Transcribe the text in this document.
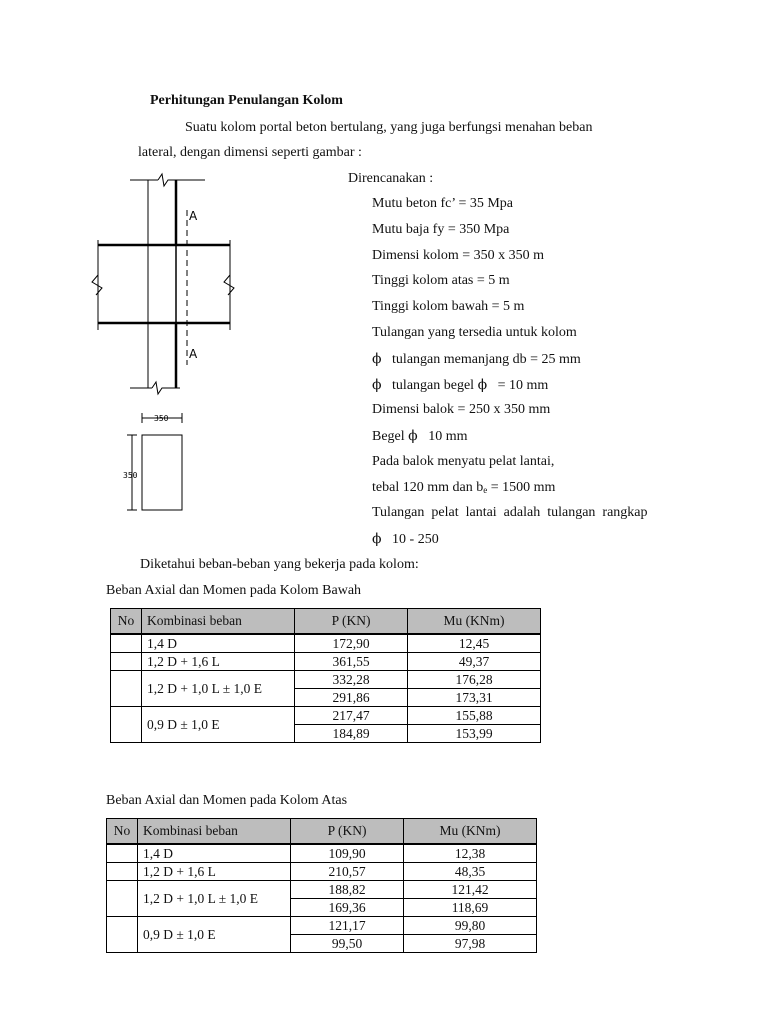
Perhitungan Penulangan Kolom
Suatu kolom portal beton bertulang, yang juga berfungsi menahan beban
lateral, dengan dimensi seperti gambar :
A
A
350
350
Direncanakan :
Mutu beton fc’ = 35 Mpa
Mutu baja fy = 350 Mpa
Dimensi kolom = 350 x 350 m
Tinggi kolom atas = 5 m
Tinggi kolom bawah = 5 m
Tulangan yang tersedia untuk kolom
ϕ tulangan memanjang db = 25 mm
ϕ tulangan begel ϕ = 10 mm
Dimensi balok = 250 x 350 mm
Begel ϕ 10 mm
Pada balok menyatu pelat lantai,
tebal 120 mm dan $b_e = 1500$ mm
Tulangan  pelat  lantai  adalah  tulangan  rangkap
ϕ 10 - 250
Diketahui beban-beban yang bekerja pada kolom:
Beban Axial dan Momen pada Kolom Bawah
No	Kombinasi beban	P (KN)	Mu (KNm)
	1,4 D	172,90	12,45
	1,2 D + 1,6 L	361,55	49,37
	1,2 D + 1,0 L ± 1,0 E	332,28	176,28
		291,86	173,31
	0,9 D ± 1,0 E	217,47	155,88
		184,89	153,99
Beban Axial dan Momen pada Kolom Atas
No	Kombinasi beban	P (KN)	Mu (KNm)
	1,4 D	109,90	12,38
	1,2 D + 1,6 L	210,57	48,35
	1,2 D + 1,0 L ± 1,0 E	188,82	121,42
		169,36	118,69
	0,9 D ± 1,0 E	121,17	99,80
		99,50	97,98
